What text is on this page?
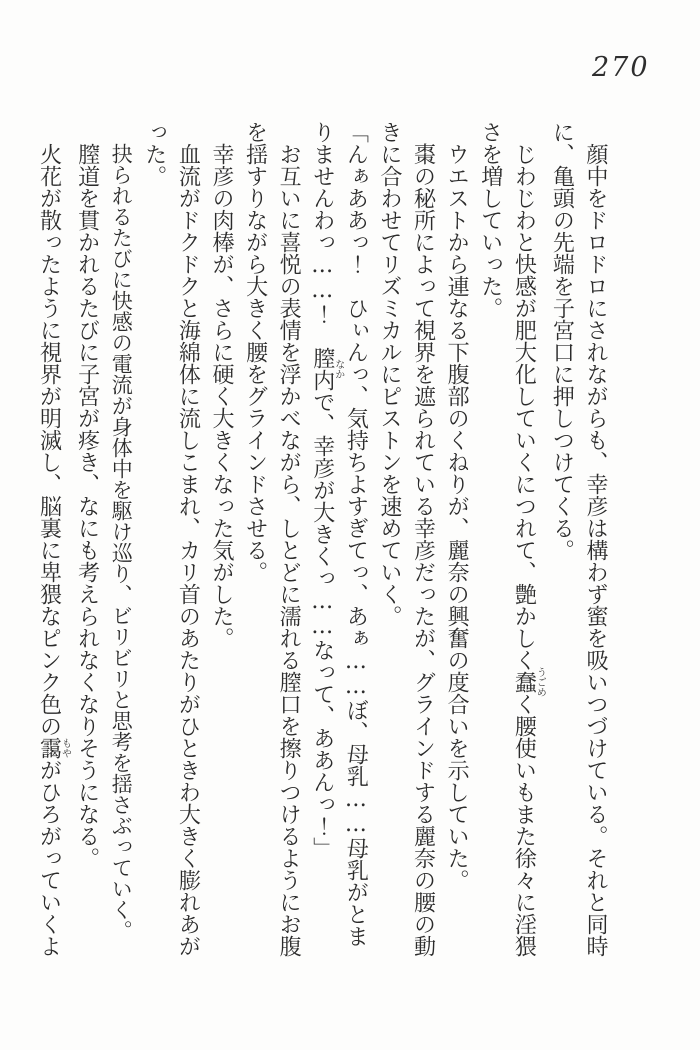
270

顔中をドロドロにされながらも、幸彦は構わず蜜を吸いつづけている。それと同時に、亀頭の先端を子宮口に押しつけてくる。

じわじわと快感が肥大化していくにつれて、艶かしく蠢うごめく腰使いもまた徐々に淫猥さを増していった。

ウエストから連なる下腹部のくねりが、麗奈の興奮の度合いを示していた。

棗の秘所によって視界を遮られている幸彦だったが、グラインドする麗奈の腰の動きに合わせてリズミカルにピストンを速めていく。

「んぁああっ！　ひぃんっ、気持ちよすぎてっ、あぁ……ぼ、母乳……母乳がとまりませんわっ……！　膣内なかで、幸彦が大きくっ……なって、ああんっ！」

お互いに喜悦の表情を浮かべながら、しとどに濡れる膣口を擦りつけるようにお腹を揺すりながら大きく腰をグラインドさせる。

幸彦の肉棒が、さらに硬く大きくなった気がした。

血流がドクドクと海綿体に流しこまれ、カリ首のあたりがひときわ大きく膨れあがった。

抉られるたびに快感の電流が身体中を駆け巡り、ビリビリと思考を揺さぶっていく。

膣道を貫かれるたびに子宮が疼き、なにも考えられなくなりそうになる。

火花が散ったように視界が明滅し、脳裏に卑猥なピンク色の靄もやがひろがっていくよ
